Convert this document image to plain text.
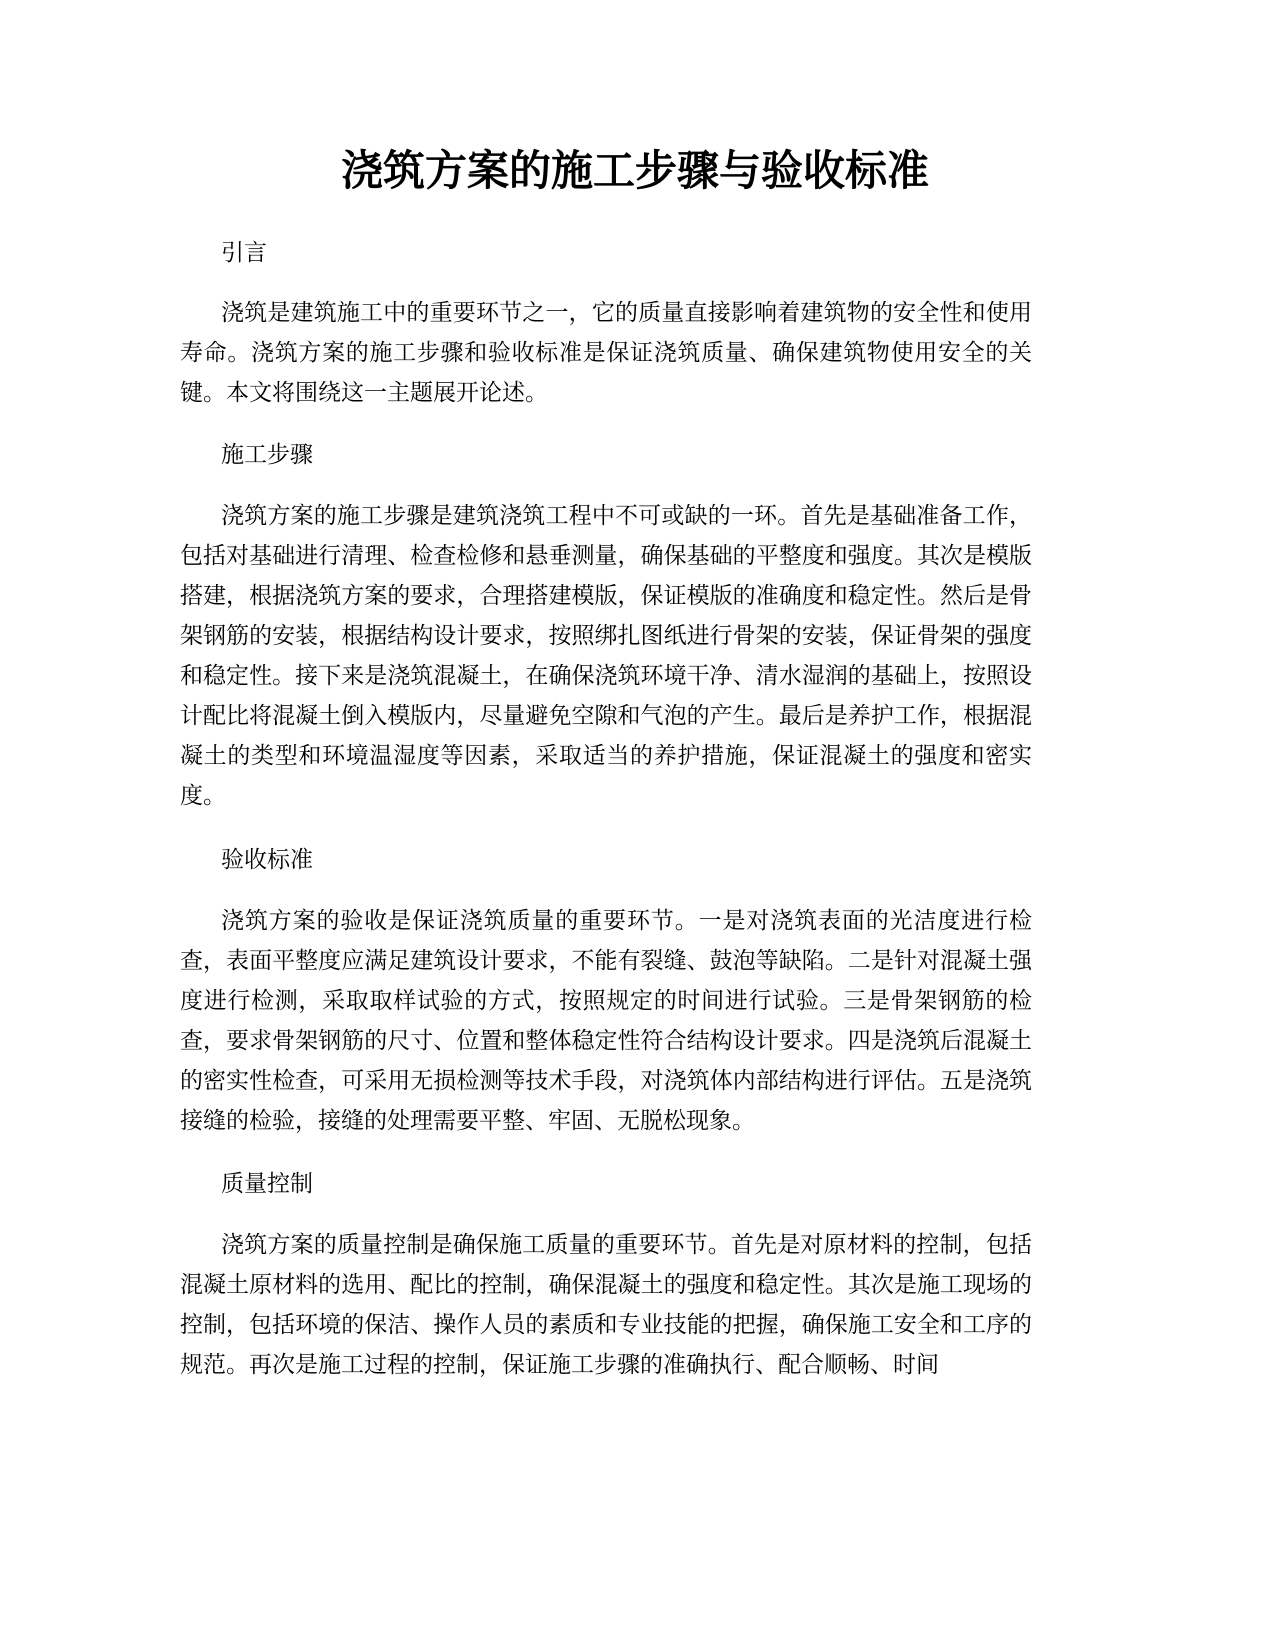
浇筑方案的施工步骤与验收标准

引言

浇筑是建筑施工中的重要环节之一，它的质量直接影响着建筑物的安全性和使用寿命。浇筑方案的施工步骤和验收标准是保证浇筑质量、确保建筑物使用安全的关键。本文将围绕这一主题展开论述。

施工步骤

浇筑方案的施工步骤是建筑浇筑工程中不可或缺的一环。首先是基础准备工作，包括对基础进行清理、检查检修和悬垂测量，确保基础的平整度和强度。其次是模版搭建，根据浇筑方案的要求，合理搭建模版，保证模版的准确度和稳定性。然后是骨架钢筋的安装，根据结构设计要求，按照绑扎图纸进行骨架的安装，保证骨架的强度和稳定性。接下来是浇筑混凝土，在确保浇筑环境干净、清水湿润的基础上，按照设计配比将混凝土倒入模版内，尽量避免空隙和气泡的产生。最后是养护工作，根据混凝土的类型和环境温湿度等因素，采取适当的养护措施，保证混凝土的强度和密实度。

验收标准

浇筑方案的验收是保证浇筑质量的重要环节。一是对浇筑表面的光洁度进行检查，表面平整度应满足建筑设计要求，不能有裂缝、鼓泡等缺陷。二是针对混凝土强度进行检测，采取取样试验的方式，按照规定的时间进行试验。三是骨架钢筋的检查，要求骨架钢筋的尺寸、位置和整体稳定性符合结构设计要求。四是浇筑后混凝土的密实性检查，可采用无损检测等技术手段，对浇筑体内部结构进行评估。五是浇筑接缝的检验，接缝的处理需要平整、牢固、无脱松现象。

质量控制

浇筑方案的质量控制是确保施工质量的重要环节。首先是对原材料的控制，包括混凝土原材料的选用、配比的控制，确保混凝土的强度和稳定性。其次是施工现场的控制，包括环境的保洁、操作人员的素质和专业技能的把握，确保施工安全和工序的规范。再次是施工过程的控制，保证施工步骤的准确执行、配合顺畅、时间
